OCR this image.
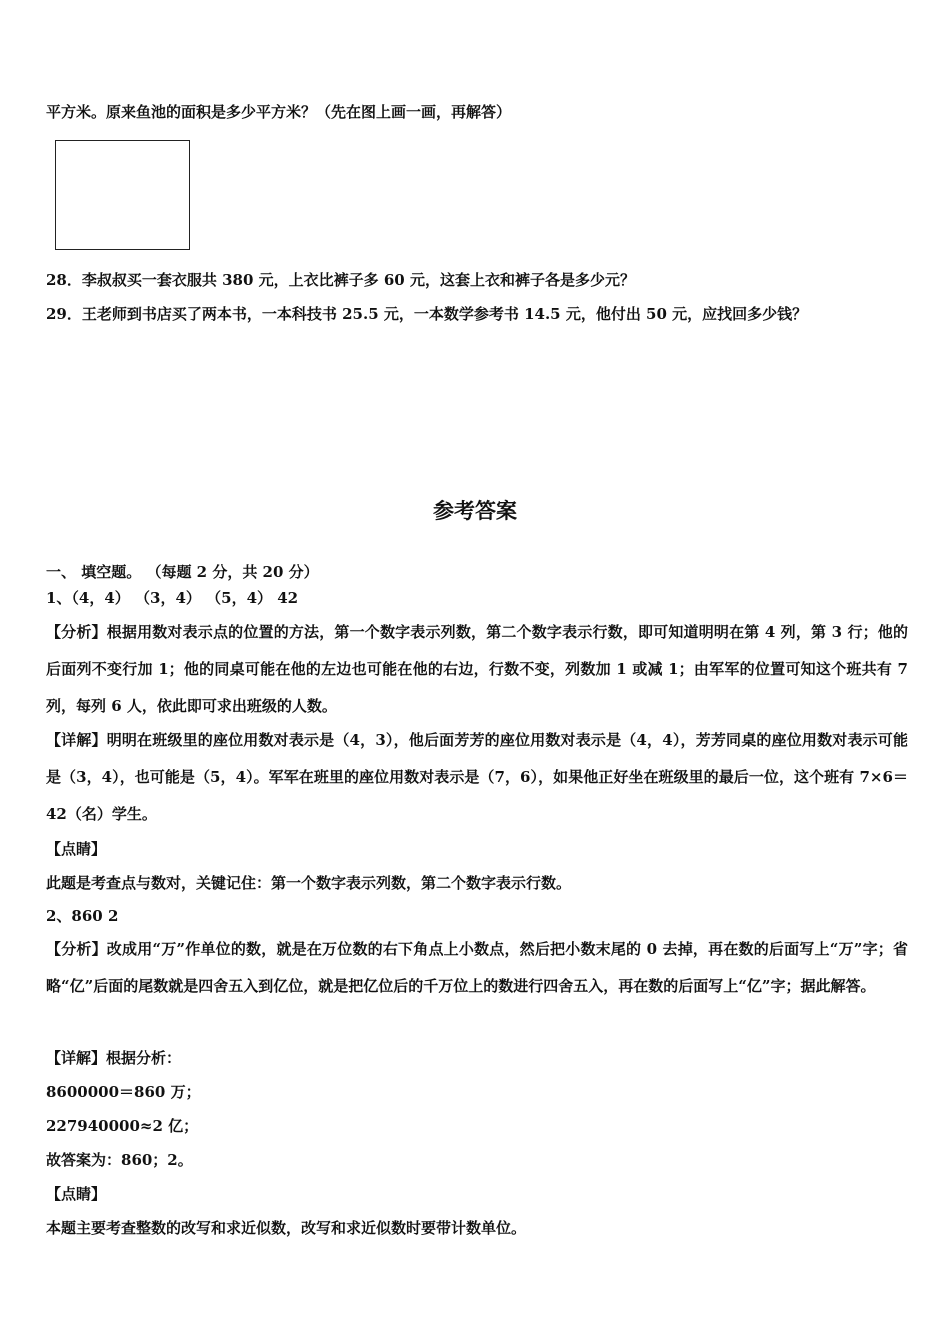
平方米。原来鱼池的面积是多少平方米？（先在图上画一画，再解答）
28．李叔叔买一套衣服共 380 元，上衣比裤子多 60 元，这套上衣和裤子各是多少元？
29．王老师到书店买了两本书，一本科技书 25.5 元，一本数学参考书 14.5 元，他付出 50 元，应找回多少钱？
参考答案
一、 填空题。 （每题 2 分，共 20 分）
1、（4，4） （3，4） （5，4） 42
【分析】根据用数对表示点的位置的方法，第一个数字表示列数，第二个数字表示行数，即可知道明明在第 4 列，第 3 行；他的后面列不变行加 1；他的同桌可能在他的左边也可能在他的右边，行数不变，列数加 1 或减 1；由军军的位置可知这个班共有 7 列，每列 6 人，依此即可求出班级的人数。
【详解】明明在班级里的座位用数对表示是（4，3），他后面芳芳的座位用数对表示是（4，4），芳芳同桌的座位用数对表示可能是（3，4），也可能是（5，4）。军军在班里的座位用数对表示是（7，6），如果他正好坐在班级里的最后一位，这个班有 7×6＝42（名）学生。
【点睛】
此题是考查点与数对，关键记住：第一个数字表示列数，第二个数字表示行数。
2、860 2
【分析】改成用“万”作单位的数，就是在万位数的右下角点上小数点，然后把小数末尾的 0 去掉，再在数的后面写上“万”字；省略“亿”后面的尾数就是四舍五入到亿位，就是把亿位后的千万位上的数进行四舍五入，再在数的后面写上“亿”字；据此解答。
【详解】根据分析：
8600000＝860 万；
227940000≈2 亿；
故答案为：860；2。
【点睛】
本题主要考查整数的改写和求近似数，改写和求近似数时要带计数单位。
